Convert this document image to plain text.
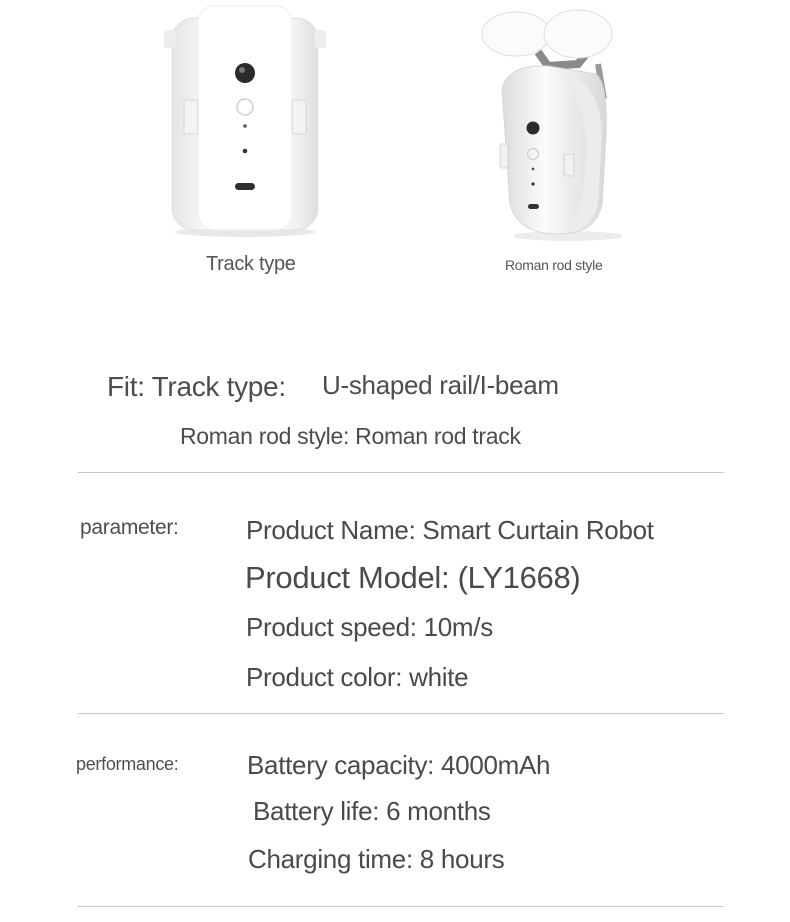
Track type	Roman rod style
Fit: Track type: U-shaped rail/I-beam
Roman rod style: Roman rod track
parameter:	Product Name: Smart Curtain Robot
Product Model: (LY1668)
Product speed: 10m/s
Product color: white
performance:	Battery capacity: 4000mAh
Battery life: 6 months
Charging time: 8 hours
